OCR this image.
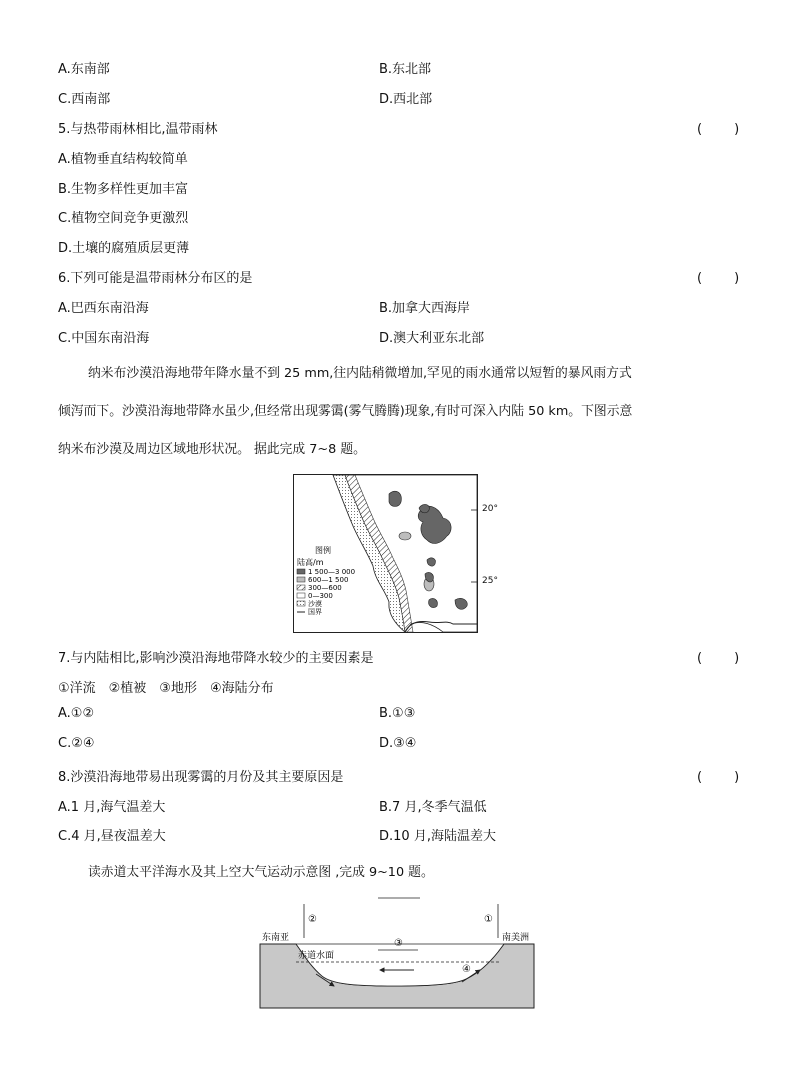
A.东南部	B.东北部
C.西南部	D.西北部
5.与热带雨林相比,温带雨林	(　　)
A.植物垂直结构较简单
B.生物多样性更加丰富
C.植物空间竞争更激烈
D.土壤的腐殖质层更薄
6.下列可能是温带雨林分布区的是	(　　)
A.巴西东南沿海	B.加拿大西海岸
C.中国东南沿海	D.澳大利亚东北部
纳米布沙漠沿海地带年降水量不到 25 mm,往内陆稍微增加,罕见的雨水通常以短暂的暴风雨方式
倾泻而下。沙漠沿海地带降水虽少,但经常出现雾霭(雾气腾腾)现象,有时可深入内陆 50 km。下图示意
纳米布沙漠及周边区域地形状况。 据此完成 7~8 题。
图例
陆高/m
1 500—3 000
600—1 500
300—600
0—300
沙漠
国界
20°
25°
7.与内陆相比,影响沙漠沿海地带降水较少的主要因素是	(　　)
①洋流　②植被　③地形　④海陆分布
A.①②	B.①③
C.②④	D.③④
8.沙漠沿海地带易出现雾霭的月份及其主要原因是	(　　)
A.1 月,海气温差大	B.7 月,冬季气温低
C.4 月,昼夜温差大	D.10 月,海陆温差大
读赤道太平洋海水及其上空大气运动示意图 ,完成 9~10 题。
东南亚	南美洲
赤道水面
②	①
③
④
